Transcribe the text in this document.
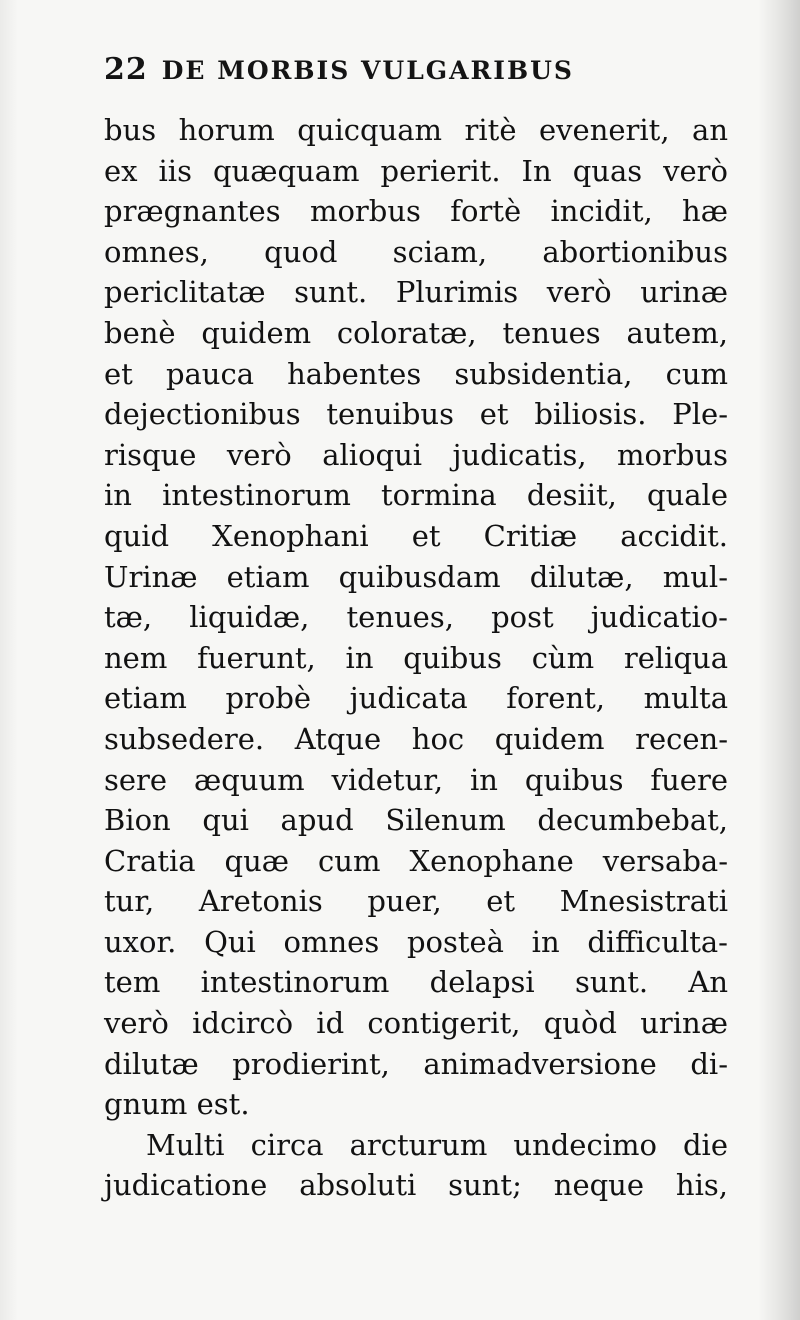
22 DE MORBIS VULGARIBUS
bus horum quicquam ritè evenerit, an
ex iis quæquam perierit. In quas verò
prægnantes morbus fortè incidit, hæ
omnes, quod sciam, abortionibus
periclitatæ sunt. Plurimis verò urinæ
benè quidem coloratæ, tenues autem,
et pauca habentes subsidentia, cum
dejectionibus tenuibus et biliosis. Ple-
risque verò alioqui judicatis, morbus
in intestinorum tormina desiit, quale
quid Xenophani et Critiæ accidit.
Urinæ etiam quibusdam dilutæ, mul-
tæ, liquidæ, tenues, post judicatio-
nem fuerunt, in quibus cùm reliqua
etiam probè judicata forent, multa
subsedere. Atque hoc quidem recen-
sere æquum videtur, in quibus fuere
Bion qui apud Silenum decumbebat,
Cratia quæ cum Xenophane versaba-
tur, Aretonis puer, et Mnesistrati
uxor. Qui omnes posteà in difficulta-
tem intestinorum delapsi sunt. An
verò idcircò id contigerit, quòd urinæ
dilutæ prodierint, animadversione di-
gnum est.
Multi circa arcturum undecimo die
judicatione absoluti sunt; neque his,
